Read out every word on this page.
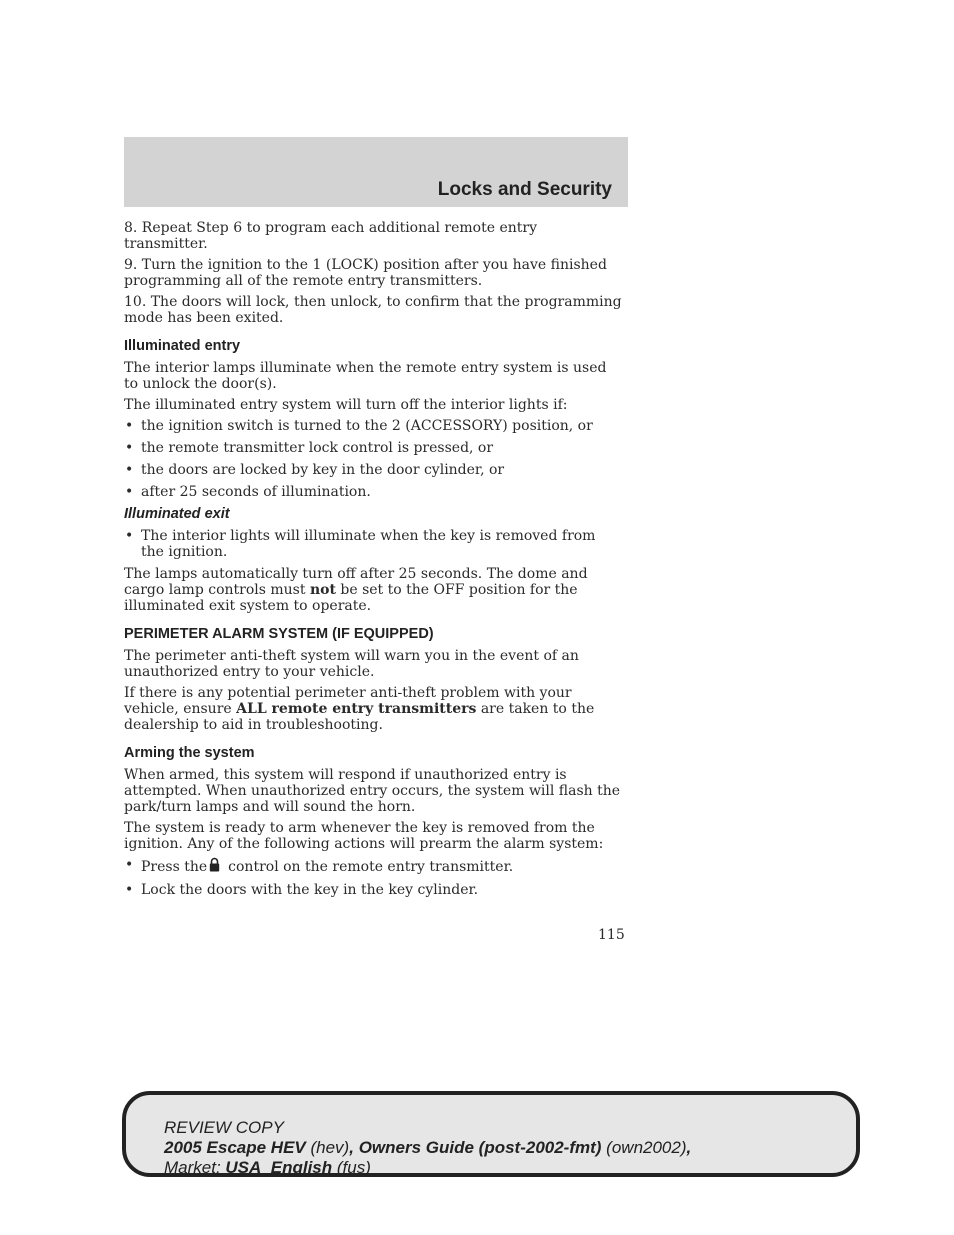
Locks and Security

8. Repeat Step 6 to program each additional remote entry transmitter.

9. Turn the ignition to the 1 (LOCK) position after you have finished programming all of the remote entry transmitters.

10. The doors will lock, then unlock, to confirm that the programming mode has been exited.

Illuminated entry

The interior lamps illuminate when the remote entry system is used to unlock the door(s).

The illuminated entry system will turn off the interior lights if:

• the ignition switch is turned to the 2 (ACCESSORY) position, or
• the remote transmitter lock control is pressed, or
• the doors are locked by key in the door cylinder, or
• after 25 seconds of illumination.
Illuminated exit
• The interior lights will illuminate when the key is removed from the ignition.

The lamps automatically turn off after 25 seconds. The dome and cargo lamp controls must not be set to the OFF position for the illuminated exit system to operate.

PERIMETER ALARM SYSTEM (IF EQUIPPED)

The perimeter anti-theft system will warn you in the event of an unauthorized entry to your vehicle.

If there is any potential perimeter anti-theft problem with your vehicle, ensure ALL remote entry transmitters are taken to the dealership to aid in troubleshooting.

Arming the system

When armed, this system will respond if unauthorized entry is attempted. When unauthorized entry occurs, the system will flash the park/turn lamps and will sound the horn.

The system is ready to arm whenever the key is removed from the ignition. Any of the following actions will prearm the alarm system:

• Press the control on the remote entry transmitter.
• Lock the doors with the key in the key cylinder.
115
REVIEW COPY
2005 Escape HEV (hev), Owners Guide (post-2002-fmt) (own2002),
Market: USA_English (fus)
